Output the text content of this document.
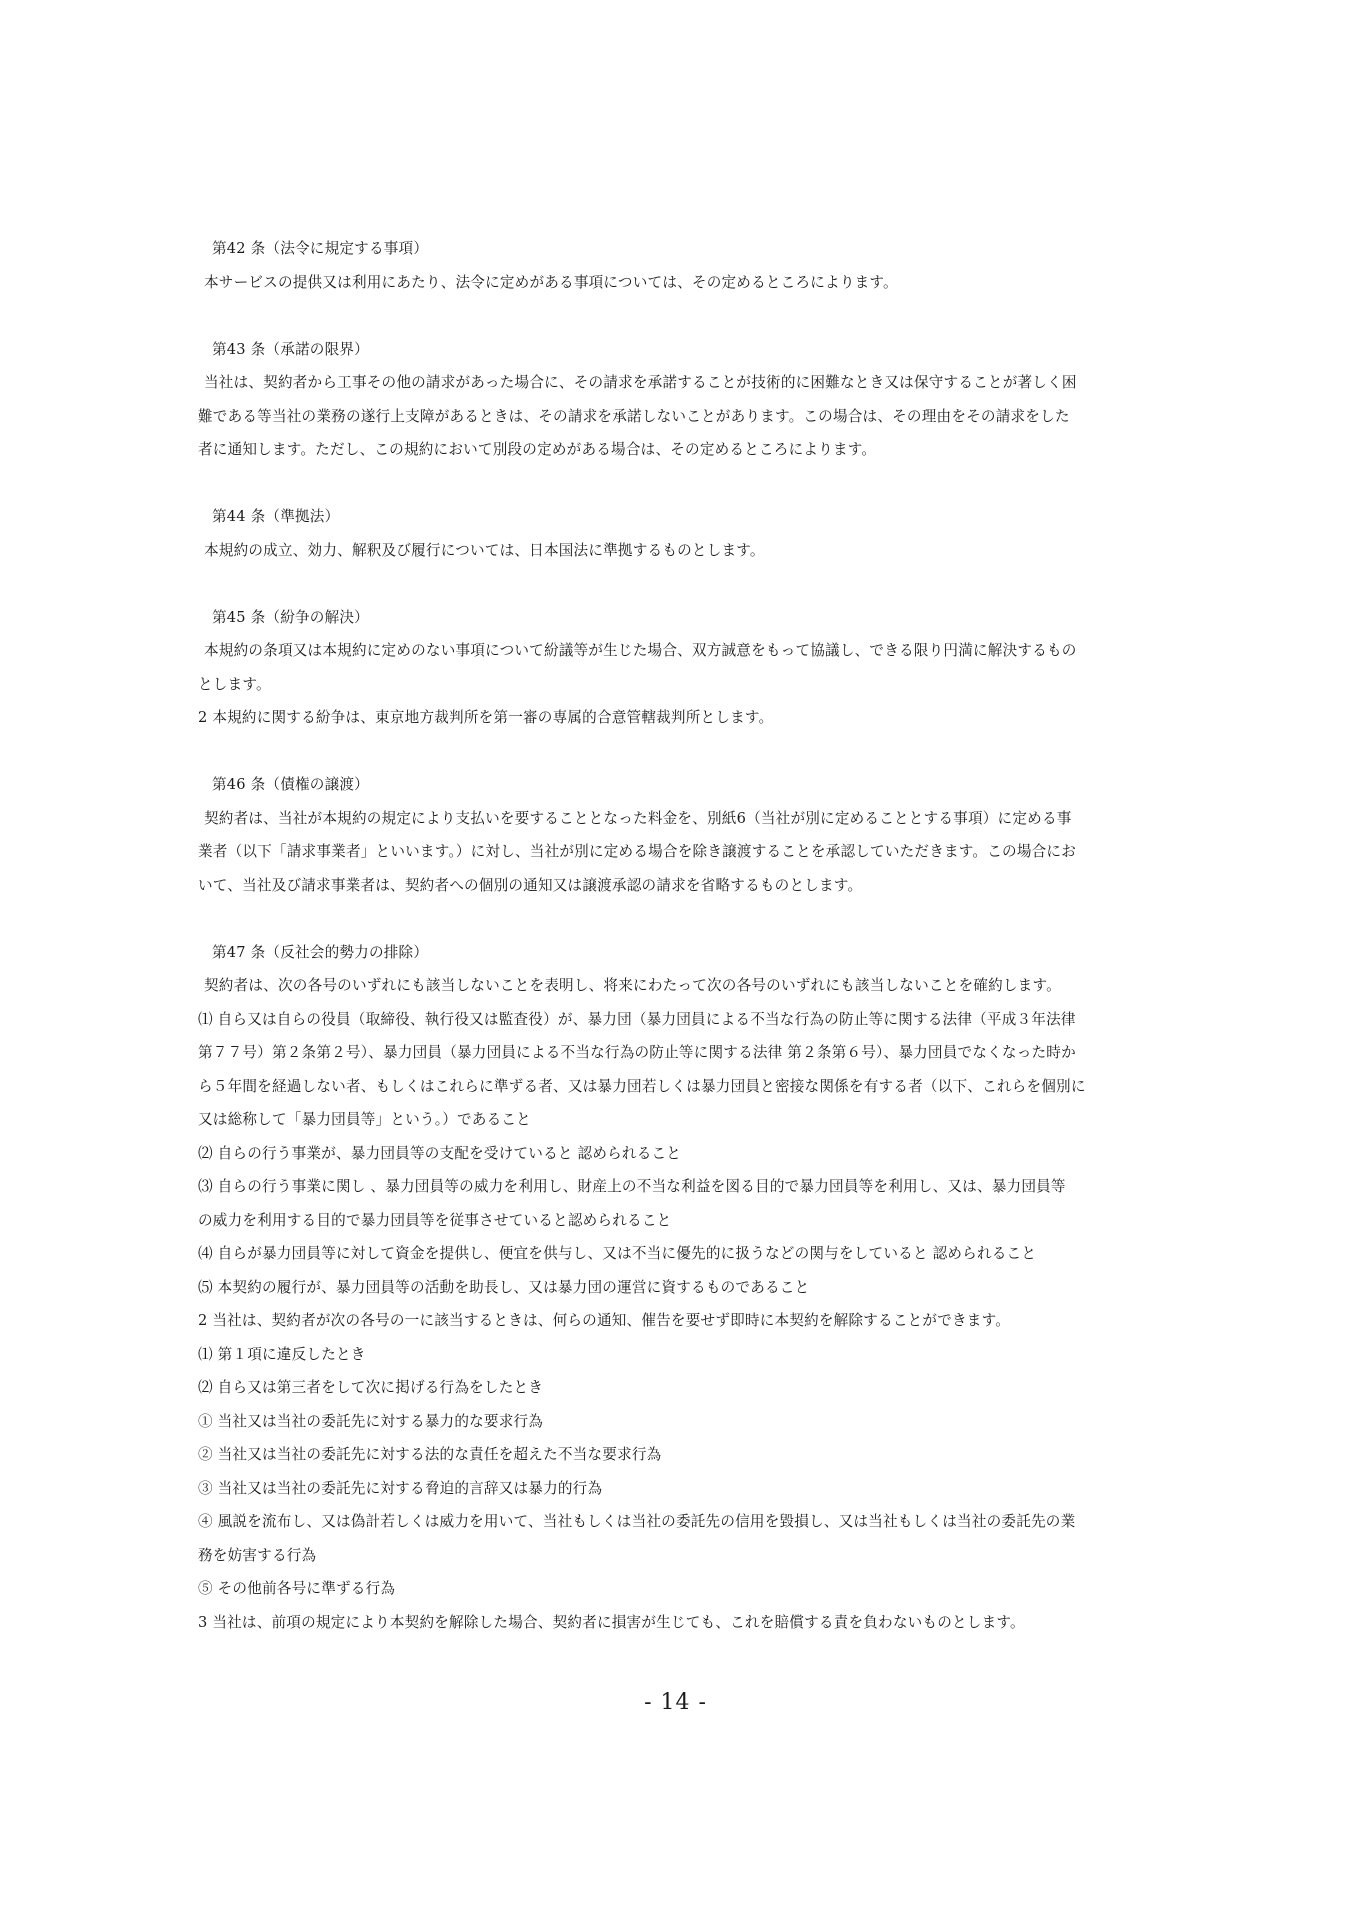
第42 条（法令に規定する事項）
本サービスの提供又は利用にあたり、法令に定めがある事項については、その定めるところによります。
第43 条（承諾の限界）
当社は、契約者から工事その他の請求があった場合に、その請求を承諾することが技術的に困難なとき又は保守することが著しく困
難である等当社の業務の遂行上支障があるときは、その請求を承諾しないことがあります。この場合は、その理由をその請求をした
者に通知します。ただし、この規約において別段の定めがある場合は、その定めるところによります。
第44 条（準拠法）
本規約の成立、効力、解釈及び履行については、日本国法に準拠するものとします。
第45 条（紛争の解決）
本規約の条項又は本規約に定めのない事項について紛議等が生じた場合、双方誠意をもって協議し、できる限り円満に解決するもの
とします。
2 本規約に関する紛争は、東京地方裁判所を第一審の専属的合意管轄裁判所とします。
第46 条（債権の譲渡）
契約者は、当社が本規約の規定により支払いを要することとなった料金を、別紙6（当社が別に定めることとする事項）に定める事
業者（以下「請求事業者」といいます。）に対し、当社が別に定める場合を除き譲渡することを承認していただきます。この場合にお
いて、当社及び請求事業者は、契約者への個別の通知又は譲渡承認の請求を省略するものとします。
第47 条（反社会的勢力の排除）
契約者は、次の各号のいずれにも該当しないことを表明し、将来にわたって次の各号のいずれにも該当しないことを確約します。
⑴ 自ら又は自らの役員（取締役、執行役又は監査役）が、暴力団（暴力団員による不当な行為の防止等に関する法律（平成３年法律
第７７号）第２条第２号）、暴力団員（暴力団員による不当な行為の防止等に関する法律 第２条第６号）、暴力団員でなくなった時か
ら５年間を経過しない者、もしくはこれらに準ずる者、又は暴力団若しくは暴力団員と密接な関係を有する者（以下、これらを個別に
又は総称して「暴力団員等」という。）であること
⑵ 自らの行う事業が、暴力団員等の支配を受けていると 認められること
⑶ 自らの行う事業に関し 、暴力団員等の威力を利用し、財産上の不当な利益を図る目的で暴力団員等を利用し、又は、暴力団員等
の威力を利用する目的で暴力団員等を従事させていると認められること
⑷ 自らが暴力団員等に対して資金を提供し、便宜を供与し、又は不当に優先的に扱うなどの関与をしていると 認められること
⑸ 本契約の履行が、暴力団員等の活動を助長し、又は暴力団の運営に資するものであること
2 当社は、契約者が次の各号の一に該当するときは、何らの通知、催告を要せず即時に本契約を解除することができます。
⑴ 第１項に違反したとき
⑵ 自ら又は第三者をして次に掲げる行為をしたとき
① 当社又は当社の委託先に対する暴力的な要求行為
② 当社又は当社の委託先に対する法的な責任を超えた不当な要求行為
③ 当社又は当社の委託先に対する脅迫的言辞又は暴力的行為
④ 風説を流布し、又は偽計若しくは威力を用いて、当社もしくは当社の委託先の信用を毀損し、又は当社もしくは当社の委託先の業
務を妨害する行為
⑤ その他前各号に準ずる行為
3 当社は、前項の規定により本契約を解除した場合、契約者に損害が生じても、これを賠償する責を負わないものとします。
- 14 -
